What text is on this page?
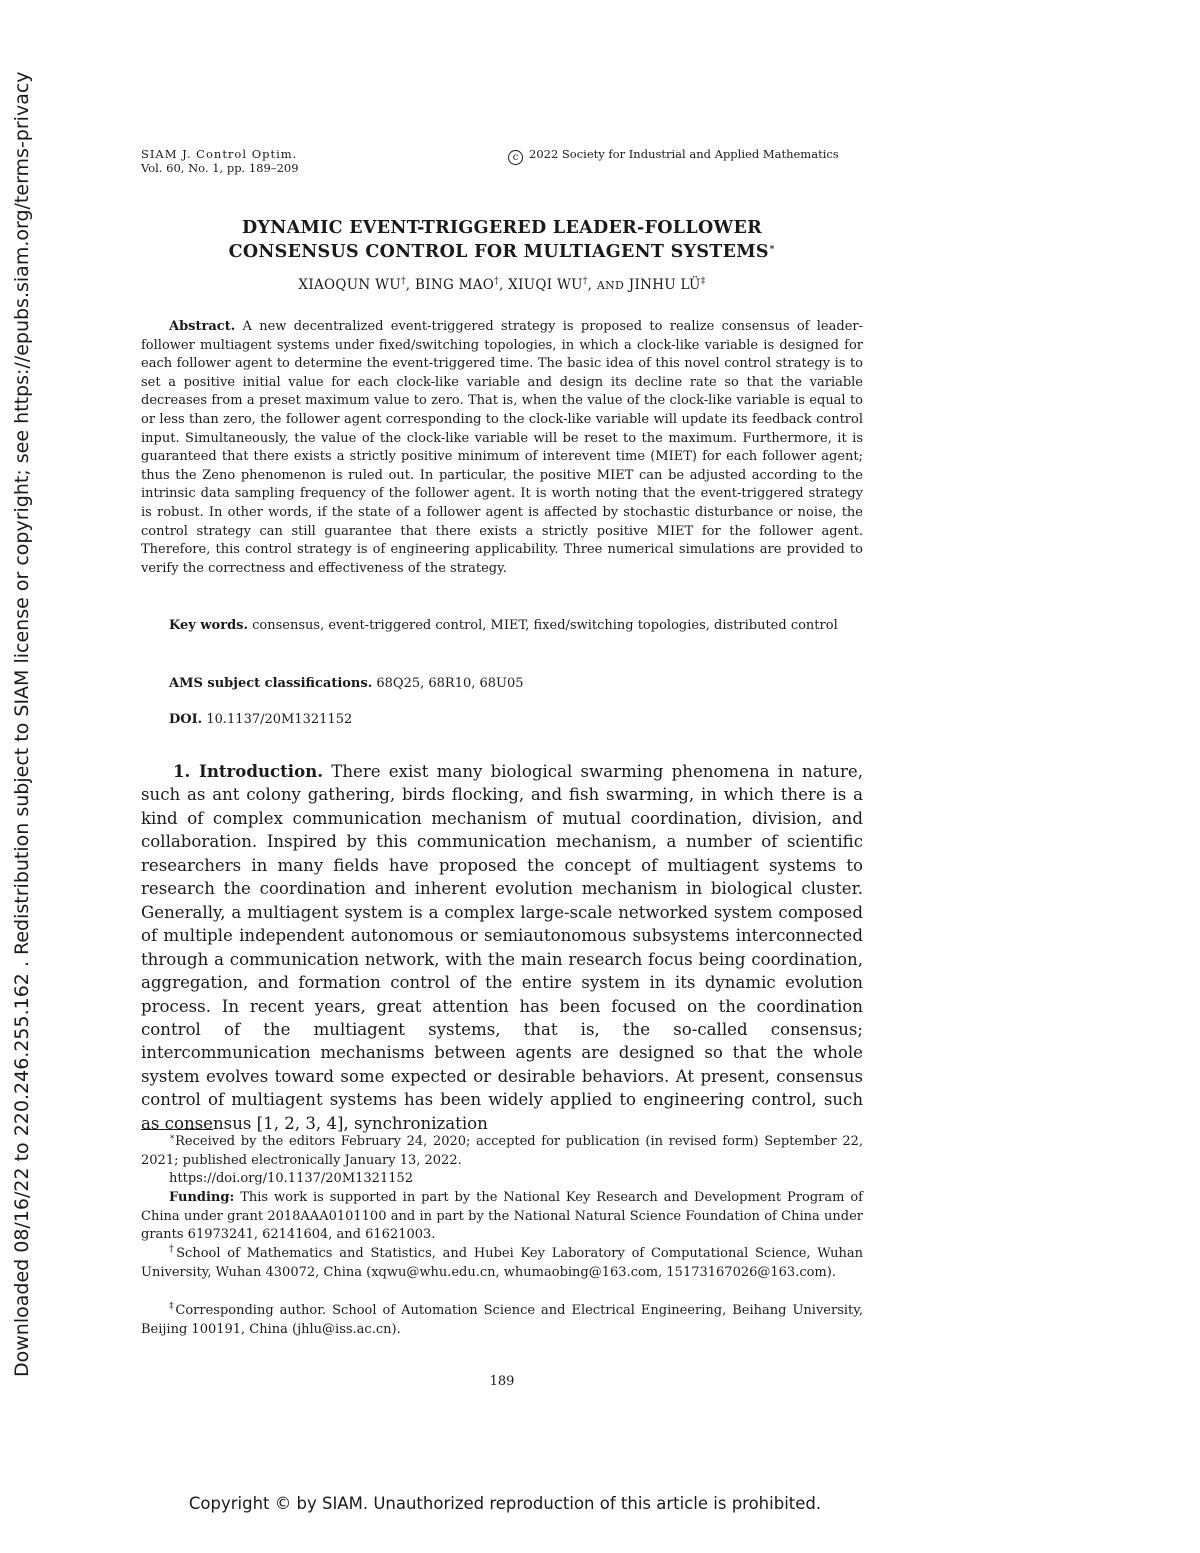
Downloaded 08/16/22 to 220.246.255.162 . Redistribution subject to SIAM license or copyright; see https://epubs.siam.org/terms-privacy	SIAM J. Control Optim.
Vol. 60, No. 1, pp. 189–209
c 2022 Society for Industrial and Applied Mathematics
DYNAMIC EVENT-TRIGGERED LEADER-FOLLOWER
CONSENSUS CONTROL FOR MULTIAGENT SYSTEMS∗
XIAOQUN WU†, BING MAO†, XIUQI WU†, AND JINHU LÜ‡
Abstract. A new decentralized event-triggered strategy is proposed to realize consensus of leader-follower multiagent systems under fixed/switching topologies, in which a clock-like variable is designed for each follower agent to determine the event-triggered time. The basic idea of this novel control strategy is to set a positive initial value for each clock-like variable and design its decline rate so that the variable decreases from a preset maximum value to zero. That is, when the value of the clock-like variable is equal to or less than zero, the follower agent corresponding to the clock-like variable will update its feedback control input. Simultaneously, the value of the clock-like variable will be reset to the maximum. Furthermore, it is guaranteed that there exists a strictly positive minimum of interevent time (MIET) for each follower agent; thus the Zeno phenomenon is ruled out. In particular, the positive MIET can be adjusted according to the intrinsic data sampling frequency of the follower agent. It is worth noting that the event-triggered strategy is robust. In other words, if the state of a follower agent is affected by stochastic disturbance or noise, the control strategy can still guarantee that there exists a strictly positive MIET for the follower agent. Therefore, this control strategy is of engineering applicability. Three numerical simulations are provided to verify the correctness and effectiveness of the strategy.
Key words. consensus, event-triggered control, MIET, fixed/switching topologies, distributed control
AMS subject classifications. 68Q25, 68R10, 68U05
DOI. 10.1137/20M1321152
1. Introduction. There exist many biological swarming phenomena in nature, such as ant colony gathering, birds flocking, and fish swarming, in which there is a kind of complex communication mechanism of mutual coordination, division, and collaboration. Inspired by this communication mechanism, a number of scientific researchers in many fields have proposed the concept of multiagent systems to research the coordination and inherent evolution mechanism in biological cluster. Generally, a multiagent system is a complex large-scale networked system composed of multiple independent autonomous or semiautonomous subsystems interconnected through a communication network, with the main research focus being coordination, aggregation, and formation control of the entire system in its dynamic evolution process. In recent years, great attention has been focused on the coordination control of the multiagent systems, that is, the so-called consensus; intercommunication mechanisms between agents are designed so that the whole system evolves toward some expected or desirable behaviors. At present, consensus control of multiagent systems has been widely applied to engineering control, such as consensus [1, 2, 3, 4], synchronization
∗Received by the editors February 24, 2020; accepted for publication (in revised form) September 22, 2021; published electronically January 13, 2022.
https://doi.org/10.1137/20M1321152
Funding: This work is supported in part by the National Key Research and Development Program of China under grant 2018AAA0101100 and in part by the National Natural Science Foundation of China under grants 61973241, 62141604, and 61621003.
†School of Mathematics and Statistics, and Hubei Key Laboratory of Computational Science, Wuhan University, Wuhan 430072, China (xqwu@whu.edu.cn, whumaobing@163.com, 15173167026@163.com).
‡Corresponding author. School of Automation Science and Electrical Engineering, Beihang University, Beijing 100191, China (jhlu@iss.ac.cn).
189
Copyright © by SIAM. Unauthorized reproduction of this article is prohibited.
